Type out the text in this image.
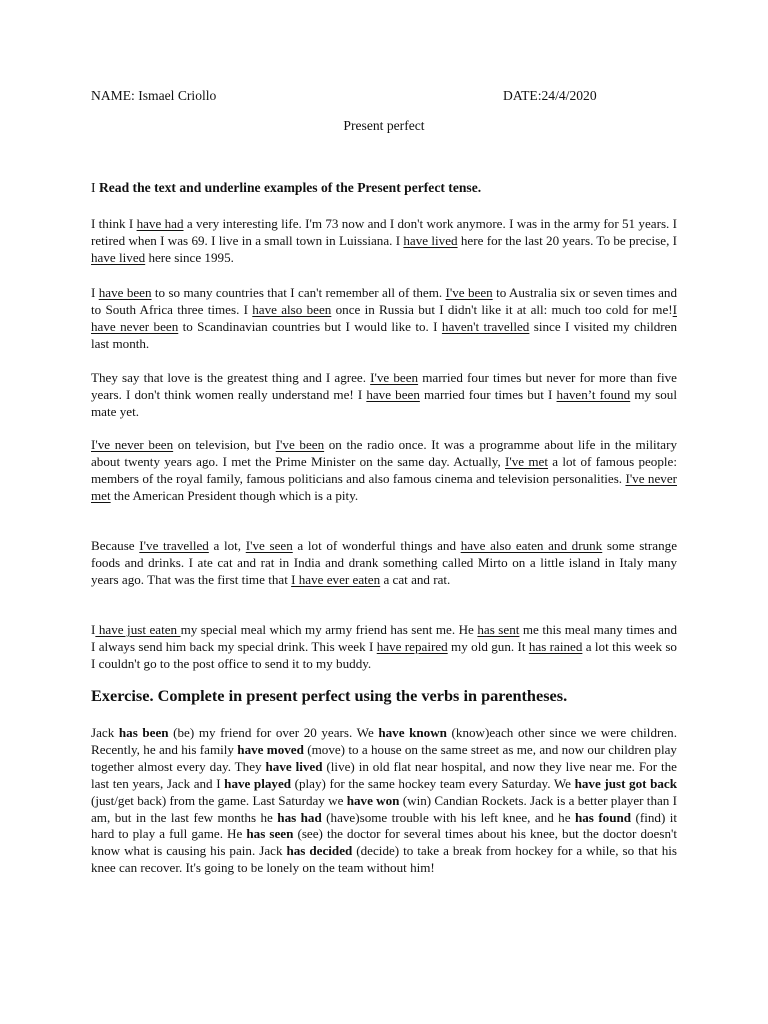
NAME: Ismael Criollo	DATE:24/4/2020
Present perfect
I Read the text and underline examples of the Present perfect tense.
I think I have had a very interesting life. I'm 73 now and I don't work anymore. I was in the army for 51 years. I retired when I was 69. I live in a small town in Luissiana. I have lived here for the last 20 years. To be precise, I have lived here since 1995.
I have been to so many countries that I can't remember all of them. I've been to Australia six or seven times and to South Africa three times. I have also been once in Russia but I didn't like it at all: much too cold for me!I have never been to Scandinavian countries but I would like to. I haven't travelled since I visited my children last month.
They say that love is the greatest thing and I agree. I've been married four times but never for more than five years. I don't think women really understand me! I have been married four times but I haven’t found my soul mate yet.
I've never been on television, but I've been on the radio once. It was a programme about life in the military about twenty years ago. I met the Prime Minister on the same day. Actually, I've met a lot of famous people: members of the royal family, famous politicians and also famous cinema and television personalities. I've never met the American President though which is a pity.
Because I've travelled a lot, I've seen a lot of wonderful things and have also eaten and drunk some strange foods and drinks. I ate cat and rat in India and drank something called Mirto on a little island in Italy many years ago. That was the first time that I have ever eaten a cat and rat.
I have just eaten my special meal which my army friend has sent me. He has sent me this meal many times and I always send him back my special drink. This week I have repaired my old gun. It has rained a lot this week so I couldn't go to the post office to send it to my buddy.
Exercise. Complete in present perfect using the verbs in parentheses.
Jack has been (be) my friend for over 20 years. We have known (know)each other since we were children. Recently, he and his family have moved (move) to a house on the same street as me, and now our children play together almost every day. They have lived (live) in old flat near hospital, and now they live near me. For the last ten years, Jack and I have played (play) for the same hockey team every Saturday. We have just got back (just/get back) from the game. Last Saturday we have won (win) Candian Rockets. Jack is a better player than I am, but in the last few months he has had (have)some trouble with his left knee, and he has found (find) it hard to play a full game. He has seen (see) the doctor for several times about his knee, but the doctor doesn't know what is causing his pain. Jack has decided (decide) to take a break from hockey for a while, so that his knee can recover. It's going to be lonely on the team without him!
